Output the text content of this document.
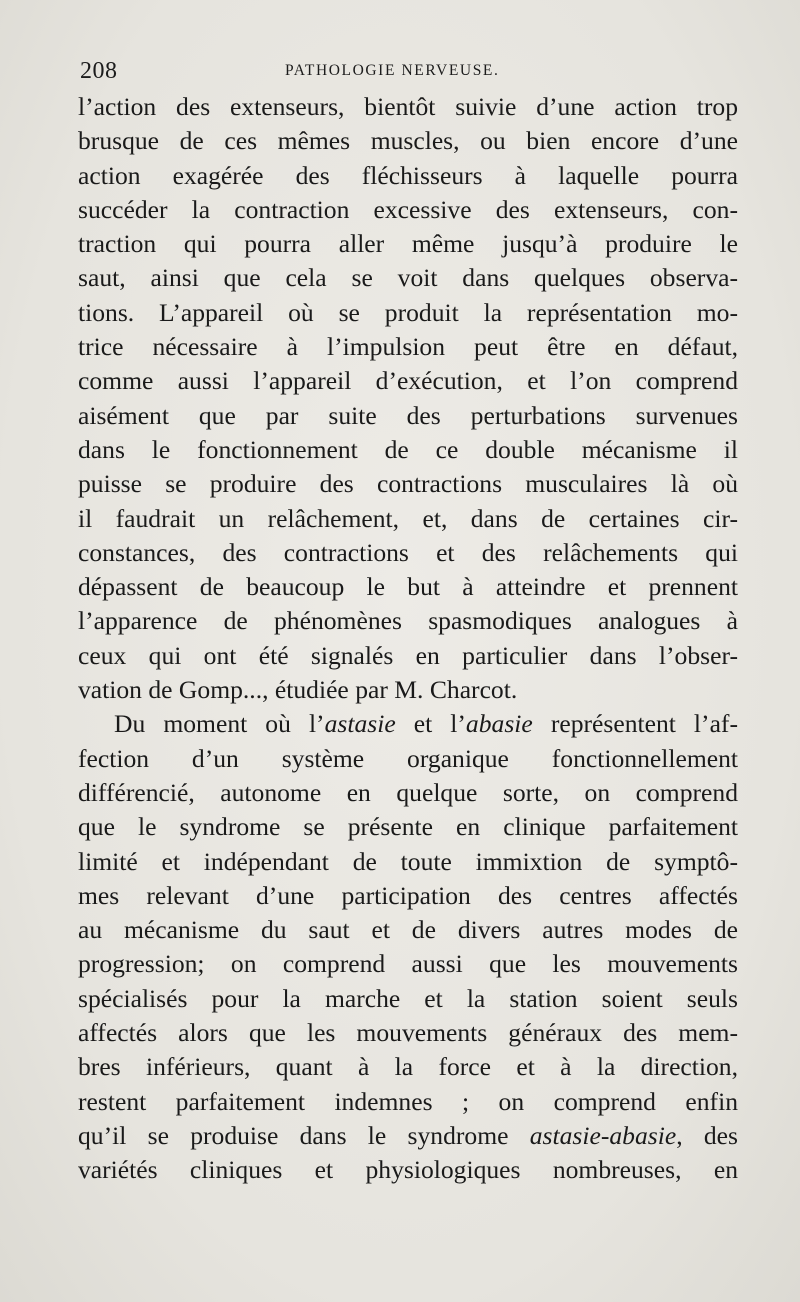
208	PATHOLOGIE NERVEUSE.
l’action des extenseurs, bientôt suivie d’une action trop
brusque de ces mêmes muscles, ou bien encore d’une
action exagérée des fléchisseurs à laquelle pourra
succéder la contraction excessive des extenseurs, con-
traction qui pourra aller même jusqu’à produire le
saut, ainsi que cela se voit dans quelques observa-
tions. L’appareil où se produit la représentation mo-
trice nécessaire à l’impulsion peut être en défaut,
comme aussi l’appareil d’exécution, et l’on comprend
aisément que par suite des perturbations survenues
dans le fonctionnement de ce double mécanisme il
puisse se produire des contractions musculaires là où
il faudrait un relâchement, et, dans de certaines cir-
constances, des contractions et des relâchements qui
dépassent de beaucoup le but à atteindre et prennent
l’apparence de phénomènes spasmodiques analogues à
ceux qui ont été signalés en particulier dans l’obser-
vation de Gomp..., étudiée par M. Charcot.
Du moment où l’astasie et l’abasie représentent l’af-
fection d’un système organique fonctionnellement
différencié, autonome en quelque sorte, on comprend
que le syndrome se présente en clinique parfaitement
limité et indépendant de toute immixtion de symptô-
mes relevant d’une participation des centres affectés
au mécanisme du saut et de divers autres modes de
progression; on comprend aussi que les mouvements
spécialisés pour la marche et la station soient seuls
affectés alors que les mouvements généraux des mem-
bres inférieurs, quant à la force et à la direction,
restent parfaitement indemnes ; on comprend enfin
qu’il se produise dans le syndrome astasie-abasie, des
variétés cliniques et physiologiques nombreuses, en
